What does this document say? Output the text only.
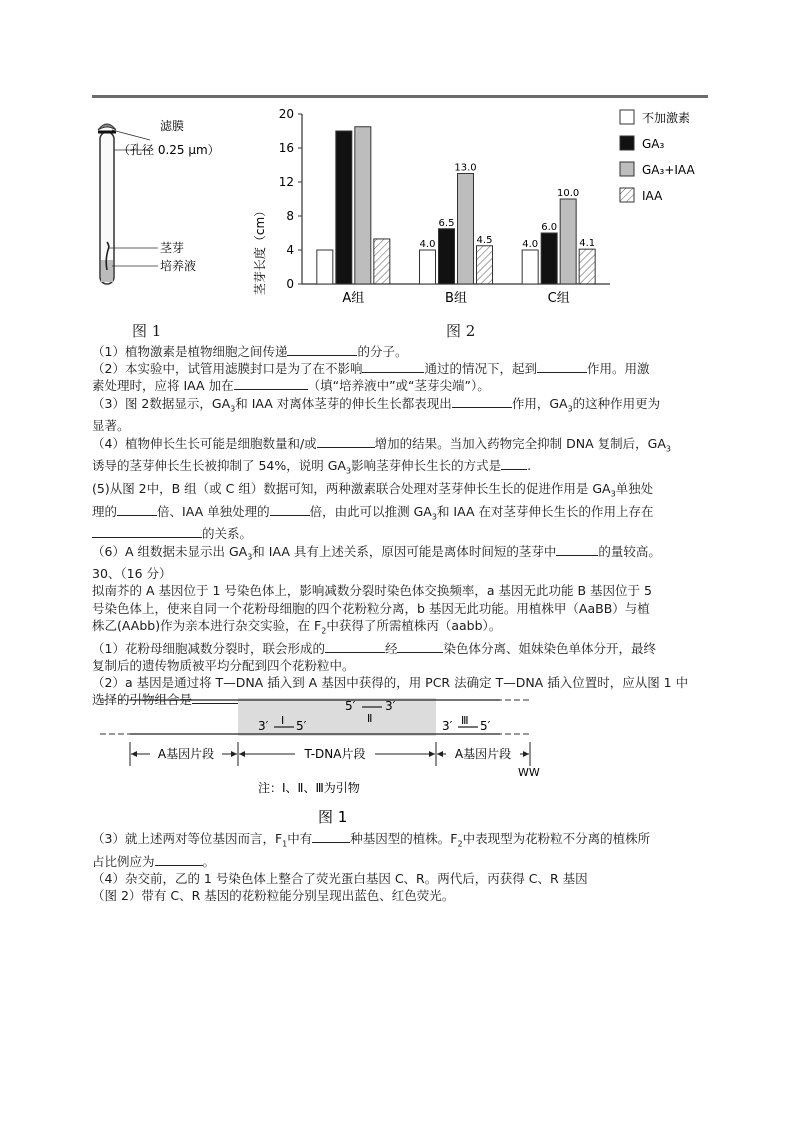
滤膜
（孔径 0.25 μm）
茎芽
培养液
图 1
茎芽长度（cm） 0
4
8
12
16
20
A组
4.0
6.5
13.0
4.5
B组
4.0
6.0
10.0
4.1
C组
不加激素
GA₃
GA₃+IAA
IAA
图 2

（1）植物激素是植物细胞之间传递	的分子。

（2）本实验中，试管用滤膜封口是为了在不影响	通过的情况下，起到	作用。用激

素处理时，应将 IAA 加在	（填“培养液中”或“茎芽尖端”）。

（3）图 2数据显示，$GA_3$和 IAA 对离体茎芽的伸长生长都表现出	作用，$GA_3$的这种作用更为

显著。

（4）植物伸长生长可能是细胞数量和/或	增加的结果。当加入药物完全抑制 DNA 复制后，$GA_3$

诱导的茎芽伸长生长被抑制了 54%，说明 $GA_3$影响茎芽伸长生长的方式是 .

(5)从图 2中，B 组（或 C 组）数据可知，两种激素联合处理对茎芽伸长生长的促进作用是 $GA_3$单独处

理的	倍、IAA 单独处理的	倍，由此可以推测 $GA_3$和 IAA 在对茎芽伸长生长的作用上存在

的关系。

（6）A 组数据未显示出 $GA_3$和 IAA 具有上述关系，原因可能是离体时间短的茎芽中	的量较高。

30、（16 分）

拟南芥的 A 基因位于 1 号染色体上，影响减数分裂时染色体交换频率，a 基因无此功能 B 基因位于 5

号染色体上，使来自同一个花粉母细胞的四个花粉粒分离，b 基因无此功能。用植株甲（AaBB）与植

株乙(AAbb)作为亲本进行杂交实验，在 $F_2$中获得了所需植株丙（aabb）。

（1）花粉母细胞减数分裂时，联会形成的	经	染色体分离、姐妹染色单体分开，最终

复制后的遗传物质被平均分配到四个花粉粒中。

（2）a 基因是通过将 T—DNA 插入到 A 基因中获得的，用 PCR 法确定 T—DNA 插入位置时，应从图 1 中

选择的引物组合是	5′ 3′
Ⅱ
3′ Ⅰ 5′	3′ Ⅲ 5′
A基因片段	T-DNA片段	A基因片段
WW
注：Ⅰ、Ⅱ、Ⅲ为引物
图 1

（3）就上述两对等位基因而言，$F_1$中有	种基因型的植株。$F_2$中表现型为花粉粒不分离的植株所

占比例应为	。

（4）杂交前，乙的 1 号染色体上整合了荧光蛋白基因 C、R。两代后，丙获得 C、R 基因

（图 2）带有 C、R 基因的花粉粒能分别呈现出蓝色、红色荧光。
